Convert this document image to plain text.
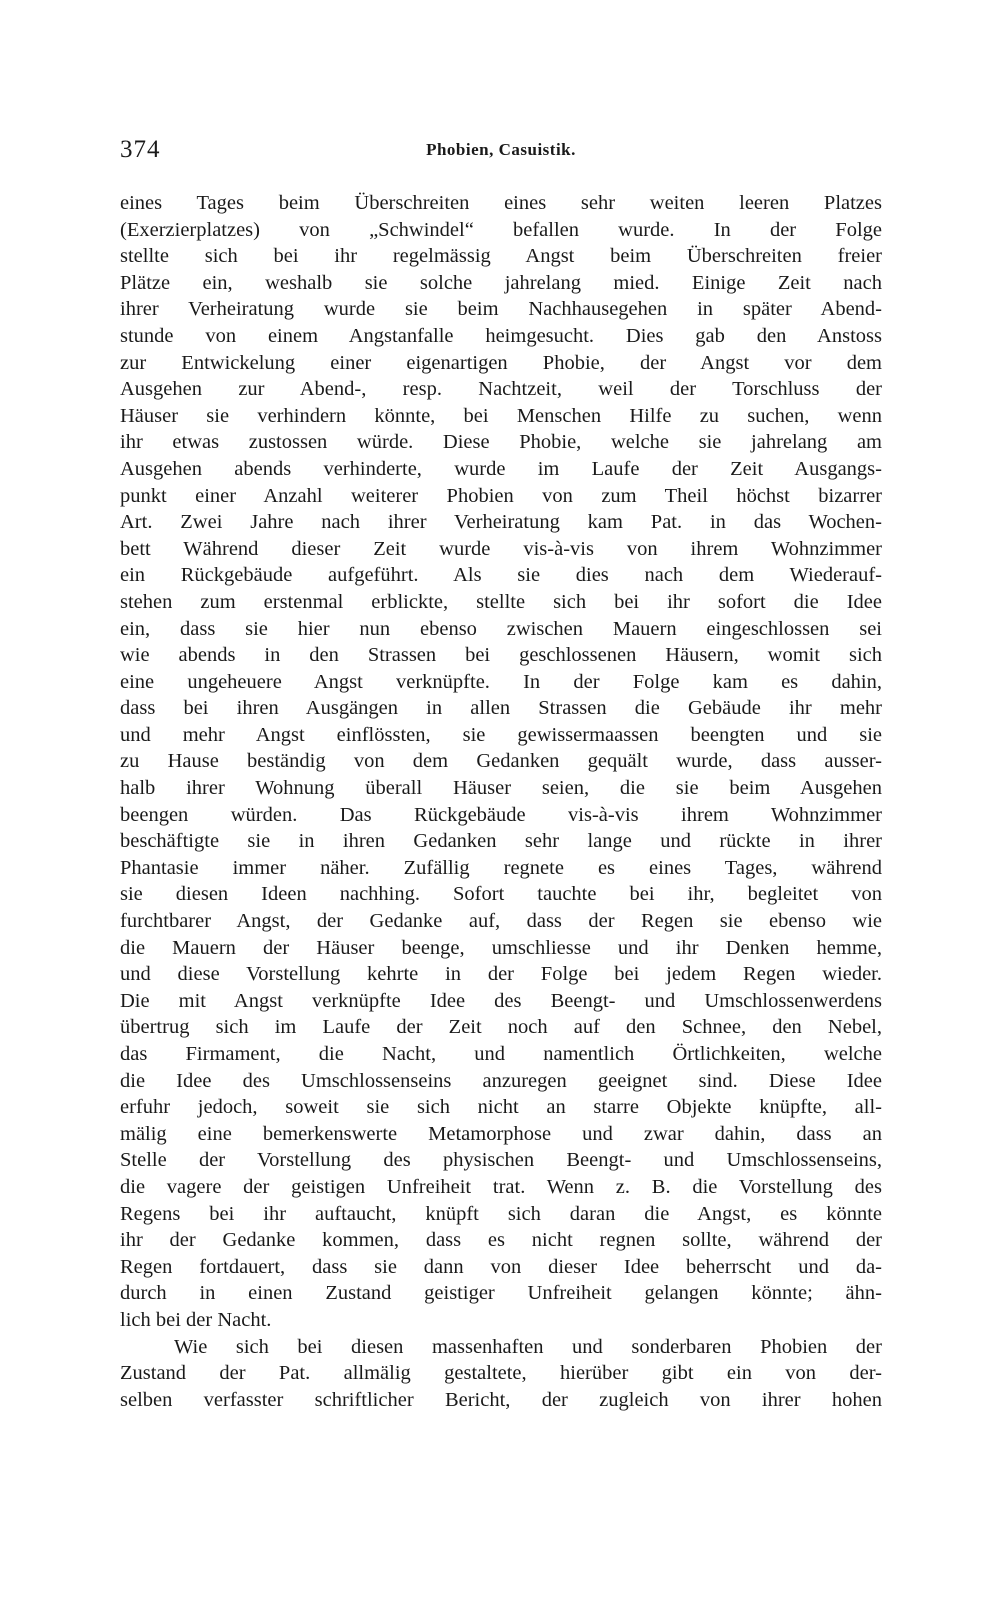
374	Phobien, Casuistik.
eines Tages beim Überschreiten eines sehr weiten leeren Platzes
(Exerzierplatzes) von „Schwindel“ befallen wurde. In der Folge
stellte sich bei ihr regelmässig Angst beim Überschreiten freier
Plätze ein, weshalb sie solche jahrelang mied. Einige Zeit nach
ihrer Verheiratung wurde sie beim Nachhausegehen in später Abend-
stunde von einem Angstanfalle heimgesucht. Dies gab den Anstoss
zur Entwickelung einer eigenartigen Phobie, der Angst vor dem
Ausgehen zur Abend-, resp. Nachtzeit, weil der Torschluss der
Häuser sie verhindern könnte, bei Menschen Hilfe zu suchen, wenn
ihr etwas zustossen würde. Diese Phobie, welche sie jahrelang am
Ausgehen abends verhinderte, wurde im Laufe der Zeit Ausgangs-
punkt einer Anzahl weiterer Phobien von zum Theil höchst bizarrer
Art. Zwei Jahre nach ihrer Verheiratung kam Pat. in das Wochen-
bett Während dieser Zeit wurde vis-à-vis von ihrem Wohnzimmer
ein Rückgebäude aufgeführt. Als sie dies nach dem Wiederauf-
stehen zum erstenmal erblickte, stellte sich bei ihr sofort die Idee
ein, dass sie hier nun ebenso zwischen Mauern eingeschlossen sei
wie abends in den Strassen bei geschlossenen Häusern, womit sich
eine ungeheuere Angst verknüpfte. In der Folge kam es dahin,
dass bei ihren Ausgängen in allen Strassen die Gebäude ihr mehr
und mehr Angst einflössten, sie gewissermaassen beengten und sie
zu Hause beständig von dem Gedanken gequält wurde, dass ausser-
halb ihrer Wohnung überall Häuser seien, die sie beim Ausgehen
beengen würden. Das Rückgebäude vis-à-vis ihrem Wohnzimmer
beschäftigte sie in ihren Gedanken sehr lange und rückte in ihrer
Phantasie immer näher. Zufällig regnete es eines Tages, während
sie diesen Ideen nachhing. Sofort tauchte bei ihr, begleitet von
furchtbarer Angst, der Gedanke auf, dass der Regen sie ebenso wie
die Mauern der Häuser beenge, umschliesse und ihr Denken hemme,
und diese Vorstellung kehrte in der Folge bei jedem Regen wieder.
Die mit Angst verknüpfte Idee des Beengt- und Umschlossenwerdens
übertrug sich im Laufe der Zeit noch auf den Schnee, den Nebel,
das Firmament, die Nacht, und namentlich Örtlichkeiten, welche
die Idee des Umschlossenseins anzuregen geeignet sind. Diese Idee
erfuhr jedoch, soweit sie sich nicht an starre Objekte knüpfte, all-
mälig eine bemerkenswerte Metamorphose und zwar dahin, dass an
Stelle der Vorstellung des physischen Beengt- und Umschlossenseins,
die vagere der geistigen Unfreiheit trat. Wenn z. B. die Vorstellung des
Regens bei ihr auftaucht, knüpft sich daran die Angst, es könnte
ihr der Gedanke kommen, dass es nicht regnen sollte, während der
Regen fortdauert, dass sie dann von dieser Idee beherrscht und da-
durch in einen Zustand geistiger Unfreiheit gelangen könnte; ähn-
lich bei der Nacht.
Wie sich bei diesen massenhaften und sonderbaren Phobien der
Zustand der Pat. allmälig gestaltete, hierüber gibt ein von der-
selben verfasster schriftlicher Bericht, der zugleich von ihrer hohen
